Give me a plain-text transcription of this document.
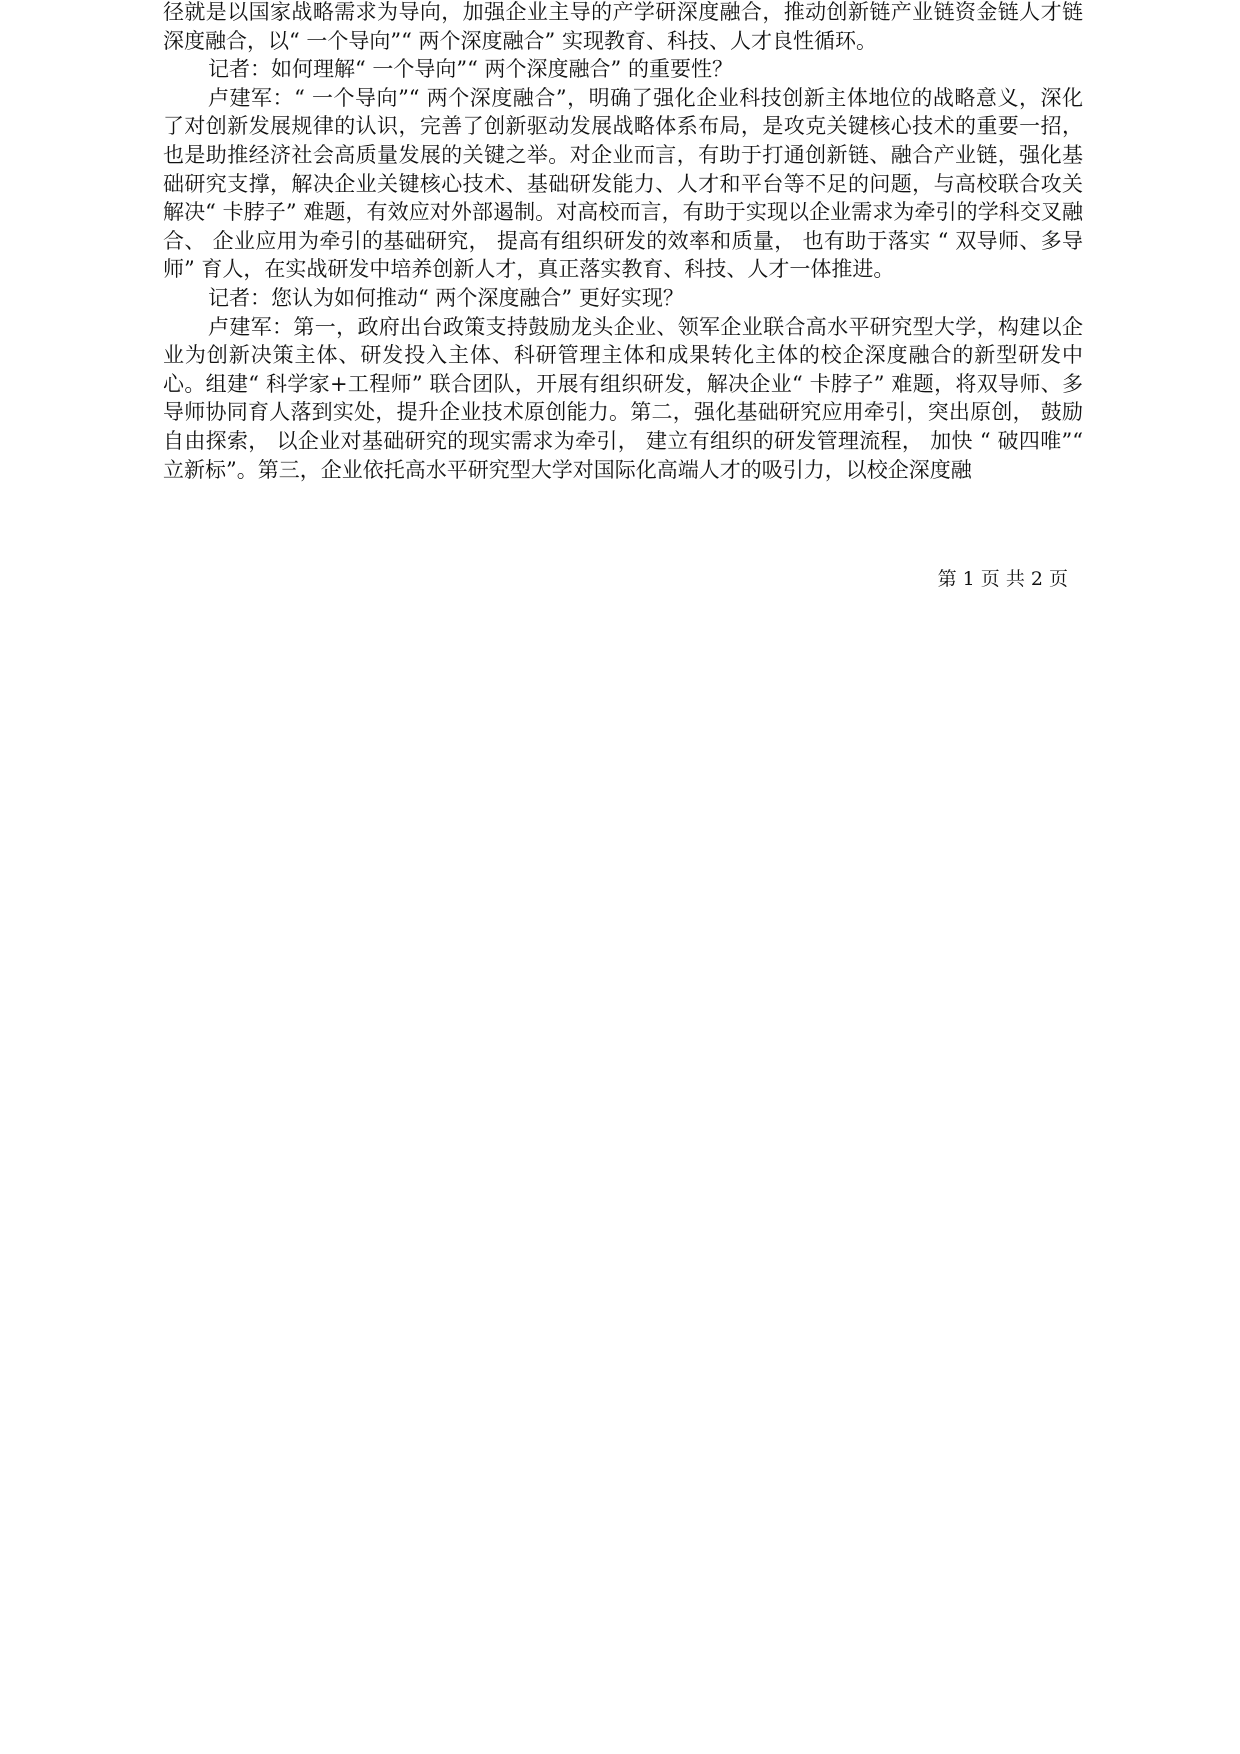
径就是以国家战略需求为导向，加强企业主导的产学研深度融合，推动创新链产业链资金链人才链深度融合，以“ 一个导向”“ 两个深度融合” 实现教育、科技、人才良性循环。

记者：如何理解“ 一个导向”“ 两个深度融合” 的重要性？

卢建军：“ 一个导向”“ 两个深度融合”，明确了强化企业科技创新主体地位的战略意义，深化了对创新发展规律的认识，完善了创新驱动发展战略体系布局，是攻克关键核心技术的重要一招，也是助推经济社会高质量发展的关键之举。对企业而言，有助于打通创新链、融合产业链，强化基础研究支撑，解决企业关键核心技术、基础研发能力、人才和平台等不足的问题，与高校联合攻关解决“ 卡脖子” 难题，有效应对外部遏制。对高校而言，有助于实现以企业需求为牵引的学科交叉融合、 企业应用为牵引的基础研究， 提高有组织研发的效率和质量， 也有助于落实 “ 双导师、多导师” 育人，在实战研发中培养创新人才，真正落实教育、科技、人才一体推进。

记者：您认为如何推动“ 两个深度融合” 更好实现？

卢建军：第一，政府出台政策支持鼓励龙头企业、领军企业联合高水平研究型大学，构建以企业为创新决策主体、研发投入主体、科研管理主体和成果转化主体的校企深度融合的新型研发中心。组建“ 科学家+工程师” 联合团队，开展有组织研发，解决企业“ 卡脖子” 难题，将双导师、多导师协同育人落到实处，提升企业技术原创能力。第二，强化基础研究应用牵引，突出原创， 鼓励自由探索， 以企业对基础研究的现实需求为牵引， 建立有组织的研发管理流程， 加快 “ 破四唯”“ 立新标”。第三，企业依托高水平研究型大学对国际化高端人才的吸引力，以校企深度融

第 1 页 共 2 页
